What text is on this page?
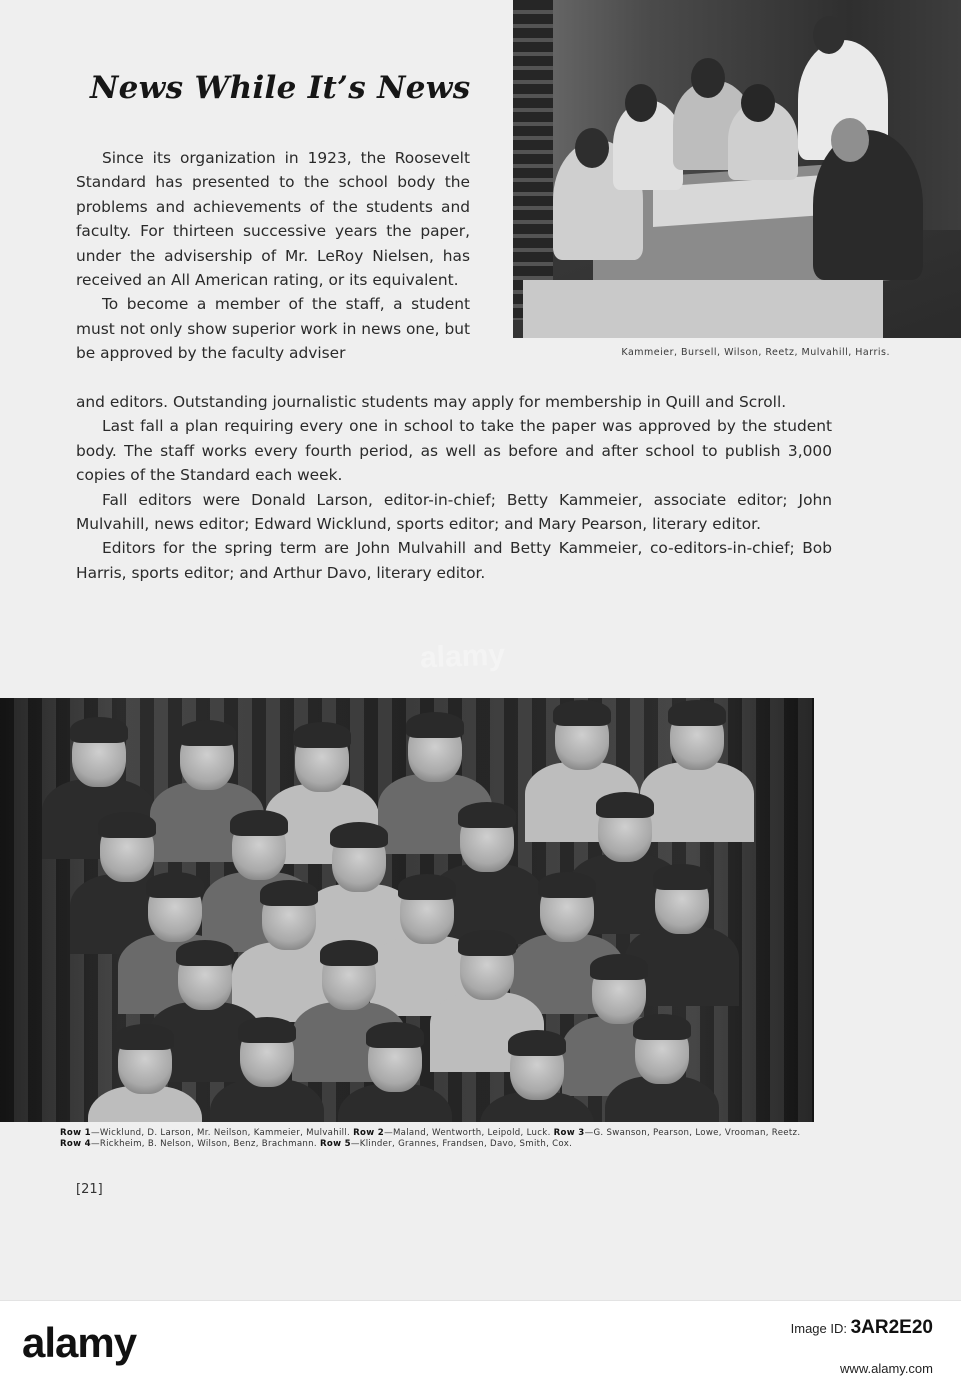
News While It’s News

Since its organization in 1923, the Roosevelt Standard has presented to the school body the problems and achievements of the students and faculty. For thirteen successive years the paper, under the advisership of Mr. LeRoy Nielsen, has received an All American rating, or its equivalent.

To become a member of the staff, a student must not only show superior work in news one, but be approved by the faculty adviser

and editors. Outstanding journalistic students may apply for membership in Quill and Scroll.

Last fall a plan requiring every one in school to take the paper was approved by the student body. The staff works every fourth period, as well as before and after school to publish 3,000 copies of the Standard each week.

Fall editors were Donald Larson, editor-in-chief; Betty Kammeier, associate editor; John Mulvahill, news editor; Edward Wicklund, sports editor; and Mary Pearson, literary editor.

Editors for the spring term are John Mulvahill and Betty Kammeier, co-editors-in-chief; Bob Harris, sports editor; and Arthur Davo, literary editor.

Kammeier, Bursell, Wilson, Reetz, Mulvahill, Harris.
Row 1—Wicklund, D. Larson, Mr. Neilson, Kammeier, Mulvahill. Row 2—Maland, Wentworth, Leipold, Luck. Row 3—G. Swanson, Pearson, Lowe, Vrooman, Reetz. Row 4—Rickheim, B. Nelson, Wilson, Benz, Brachmann. Row 5—Klinder, Grannes, Frandsen, Davo, Smith, Cox.
[21]
alamy
alamy	Image ID: 3AR2E20
www.alamy.com
